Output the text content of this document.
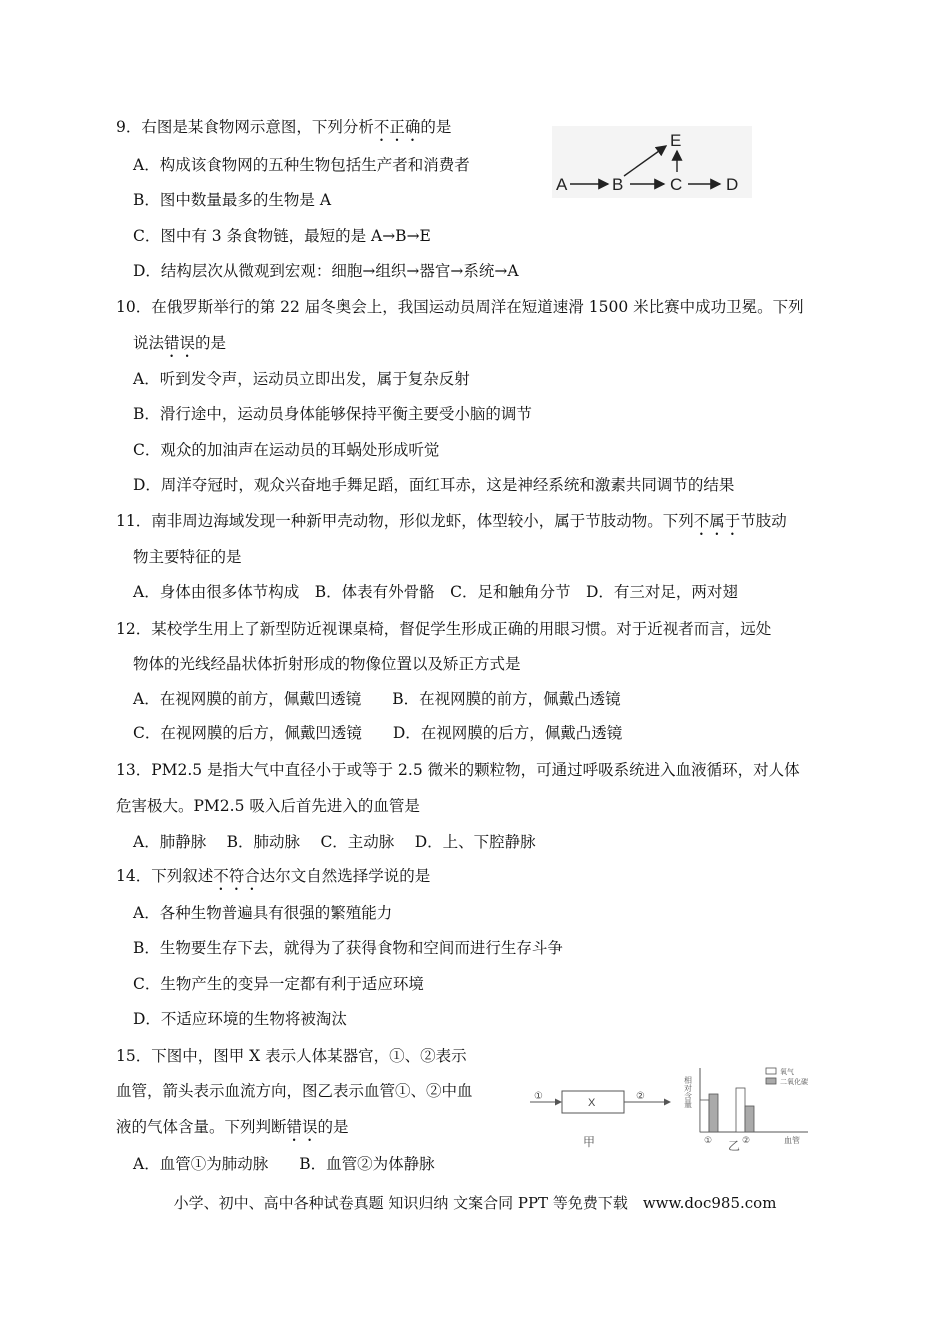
9．右图是某食物网示意图，下列分析不正确的是
A．构成该食物网的五种生物包括生产者和消费者
B．图中数量最多的生物是 A
C．图中有 3 条食物链，最短的是 A→B→E
D．结构层次从微观到宏观：细胞→组织→器官→系统→A
A	B	C	D
E
10．在俄罗斯举行的第 22 届冬奥会上，我国运动员周洋在短道速滑 1500 米比赛中成功卫冕。下列
说法错误的是
A．听到发令声，运动员立即出发，属于复杂反射
B．滑行途中，运动员身体能够保持平衡主要受小脑的调节
C．观众的加油声在运动员的耳蜗处形成听觉
D．周洋夺冠时，观众兴奋地手舞足蹈，面红耳赤，这是神经系统和激素共同调节的结果
11．南非周边海域发现一种新甲壳动物，形似龙虾，体型较小，属于节肢动物。下列不属于节肢动
物主要特征的是
A．身体由很多体节构成　B．体表有外骨骼　C．足和触角分节　D．有三对足，两对翅
12．某校学生用上了新型防近视课桌椅，督促学生形成正确的用眼习惯。对于近视者而言，远处
物体的光线经晶状体折射形成的物像位置以及矫正方式是
A．在视网膜的前方，佩戴凹透镜　　B．在视网膜的前方，佩戴凸透镜
C．在视网膜的后方，佩戴凹透镜　　D．在视网膜的后方，佩戴凸透镜
13．PM2.5 是指大气中直径小于或等于 2.5 微米的颗粒物，可通过呼吸系统进入血液循环，对人体
危害极大。PM2.5 吸入后首先进入的血管是
A．肺静脉　 B．肺动脉　 C．主动脉　 D．上、下腔静脉
14．下列叙述不符合达尔文自然选择学说的是
A．各种生物普遍具有很强的繁殖能力
B．生物要生存下去，就得为了获得食物和空间而进行生存斗争
C．生物产生的变异一定都有利于适应环境
D．不适应环境的生物将被淘汰
15．下图中，图甲 X 表示人体某器官，①、②表示
血管，箭头表示血流方向，图乙表示血管①、②中血
液的气体含量。下列判断错误的是
A．血管①为肺动脉　　B．血管②为体静脉
①
X
②
甲
相对含量
氧气
二氧化碳
① 乙 ②	血管
小学、初中、高中各种试卷真题 知识归纳 文案合同 PPT 等免费下载　www.doc985.com
